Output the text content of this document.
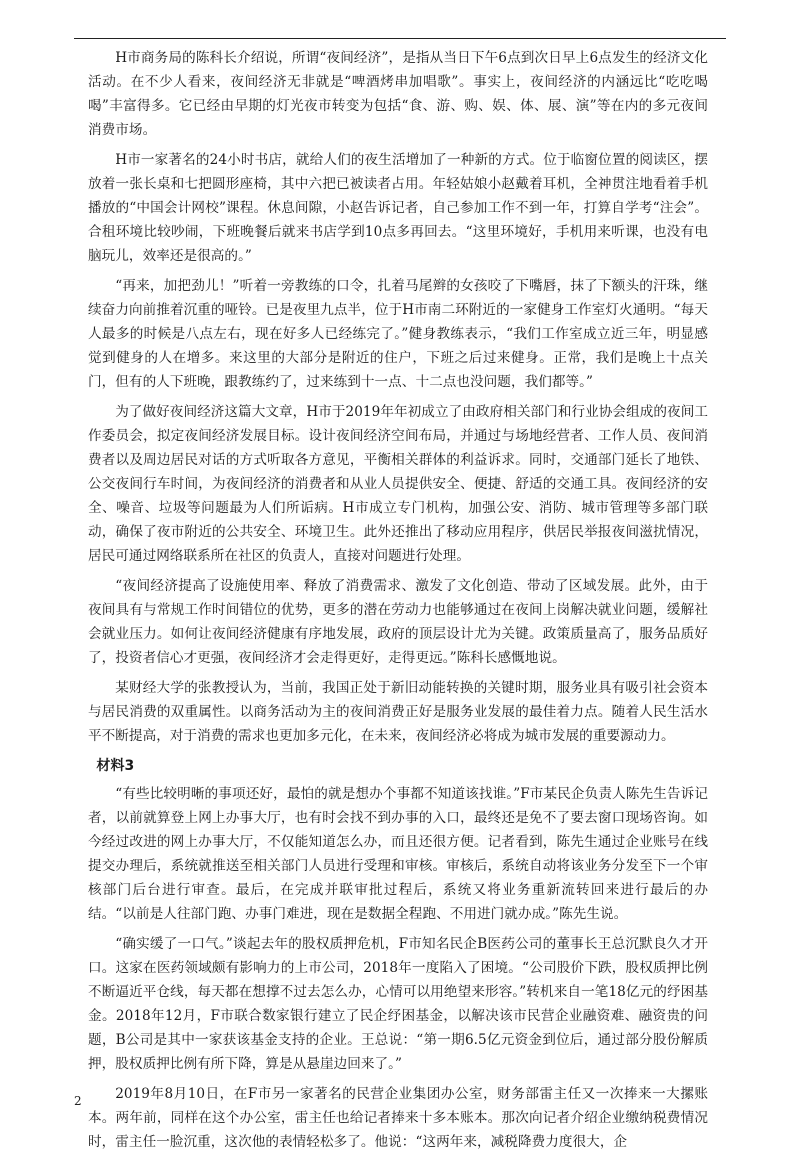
H市商务局的陈科长介绍说，所谓“夜间经济”，是指从当日下午6点到次日早上6点发生的经济文化活动。在不少人看来，夜间经济无非就是“啤酒烤串加唱歌”。事实上，夜间经济的内涵远比“吃吃喝喝”丰富得多。它已经由早期的灯光夜市转变为包括“食、游、购、娱、体、展、演”等在内的多元夜间消费市场。

H市一家著名的24小时书店，就给人们的夜生活增加了一种新的方式。位于临窗位置的阅读区，摆放着一张长桌和七把圆形座椅，其中六把已被读者占用。年轻姑娘小赵戴着耳机，全神贯注地看着手机播放的“中国会计网校”课程。休息间隙，小赵告诉记者，自己参加工作不到一年，打算自学考“注会”。合租环境比较吵闹，下班晚餐后就来书店学到10点多再回去。“这里环境好，手机用来听课，也没有电脑玩儿，效率还是很高的。”

“再来，加把劲儿！”听着一旁教练的口令，扎着马尾辫的女孩咬了下嘴唇，抹了下额头的汗珠，继续奋力向前推着沉重的哑铃。已是夜里九点半，位于H市南二环附近的一家健身工作室灯火通明。“每天人最多的时候是八点左右，现在好多人已经练完了。”健身教练表示，“我们工作室成立近三年，明显感觉到健身的人在增多。来这里的大部分是附近的住户，下班之后过来健身。正常，我们是晚上十点关门，但有的人下班晚，跟教练约了，过来练到十一点、十二点也没问题，我们都等。”

为了做好夜间经济这篇大文章，H市于2019年年初成立了由政府相关部门和行业协会组成的夜间工作委员会，拟定夜间经济发展目标。设计夜间经济空间布局，并通过与场地经营者、工作人员、夜间消费者以及周边居民对话的方式听取各方意见，平衡相关群体的利益诉求。同时，交通部门延长了地铁、公交夜间行车时间，为夜间经济的消费者和从业人员提供安全、便捷、舒适的交通工具。夜间经济的安全、噪音、垃圾等问题最为人们所诟病。H市成立专门机构，加强公安、消防、城市管理等多部门联动，确保了夜市附近的公共安全、环境卫生。此外还推出了移动应用程序，供居民举报夜间滋扰情况，居民可通过网络联系所在社区的负责人，直接对问题进行处理。

“夜间经济提高了设施使用率、释放了消费需求、激发了文化创造、带动了区域发展。此外，由于夜间具有与常规工作时间错位的优势，更多的潜在劳动力也能够通过在夜间上岗解决就业问题，缓解社会就业压力。如何让夜间经济健康有序地发展，政府的顶层设计尤为关键。政策质量高了，服务品质好了，投资者信心才更强，夜间经济才会走得更好，走得更远。”陈科长感慨地说。

某财经大学的张教授认为，当前，我国正处于新旧动能转换的关键时期，服务业具有吸引社会资本与居民消费的双重属性。以商务活动为主的夜间消费正好是服务业发展的最佳着力点。随着人民生活水平不断提高，对于消费的需求也更加多元化，在未来，夜间经济必将成为城市发展的重要源动力。

材料3

“有些比较明晰的事项还好，最怕的就是想办个事都不知道该找谁。”F市某民企负责人陈先生告诉记者，以前就算登上网上办事大厅，也有时会找不到办事的入口，最终还是免不了要去窗口现场咨询。如今经过改进的网上办事大厅，不仅能知道怎么办，而且还很方便。记者看到，陈先生通过企业账号在线提交办理后，系统就推送至相关部门人员进行受理和审核。审核后，系统自动将该业务分发至下一个审核部门后台进行审查。最后，在完成并联审批过程后，系统又将业务重新流转回来进行最后的办结。“以前是人往部门跑、办事门难进，现在是数据全程跑、不用进门就办成。”陈先生说。

“确实缓了一口气。”谈起去年的股权质押危机，F市知名民企B医药公司的董事长王总沉默良久才开口。这家在医药领域颇有影响力的上市公司，2018年一度陷入了困境。“公司股价下跌，股权质押比例不断逼近平仓线，每天都在想撑不过去怎么办，心情可以用绝望来形容。”转机来自一笔18亿元的纾困基金。2018年12月，F市联合数家银行建立了民企纾困基金，以解决该市民营企业融资难、融资贵的问题，B公司是其中一家获该基金支持的企业。王总说：“第一期6.5亿元资金到位后，通过部分股份解质押，股权质押比例有所下降，算是从悬崖边回来了。”

2019年8月10日，在F市另一家著名的民营企业集团办公室，财务部雷主任又一次捧来一大摞账本。两年前，同样在这个办公室，雷主任也给记者捧来十多本账本。那次向记者介绍企业缴纳税费情况时，雷主任一脸沉重，这次他的表情轻松多了。他说：“这两年来，减税降费力度很大，企

2
